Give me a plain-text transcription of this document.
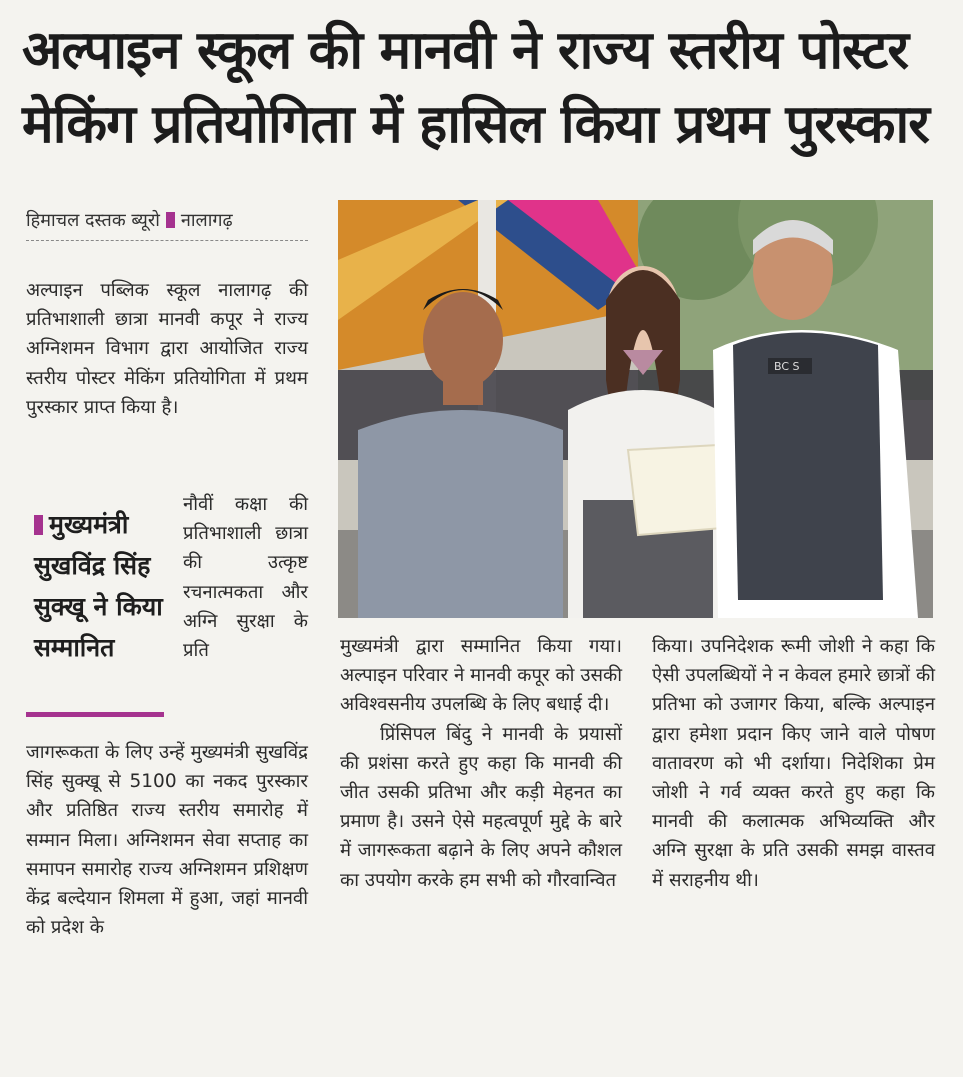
अल्पाइन स्कूल की मानवी ने राज्य स्तरीय पोस्टर
मेकिंग प्रतियोगिता में हासिल किया प्रथम पुरस्कार
हिमाचल दस्तक ब्यूरो नालागढ़

अल्पाइन पब्लिक स्कूल नालागढ़ की प्रतिभाशाली छात्रा मानवी कपूर ने राज्य अग्निशमन विभाग द्वारा आयोजित राज्य स्तरीय पोस्टर मेकिंग प्रतियोगिता में प्रथम पुरस्कार प्राप्त किया है।

मुख्यमंत्री सुखविंद्र सिंह सुक्खू ने किया सम्मानित

नौवीं कक्षा की प्रतिभाशाली छात्रा की उत्कृष्ट रचनात्मकता और अग्नि सुरक्षा के प्रति

जागरूकता के लिए उन्हें मुख्यमंत्री सुखविंद्र सिंह सुक्खू से 5100 का नकद पुरस्कार और प्रतिष्ठित राज्य स्तरीय समारोह में सम्मान मिला। अग्निशमन सेवा सप्ताह का समापन समारोह राज्य अग्निशमन प्रशिक्षण केंद्र बल्देयान शिमला में हुआ, जहां मानवी को प्रदेश के

BC S

मुख्यमंत्री द्वारा सम्मानित किया गया। अल्पाइन परिवार ने मानवी कपूर को उसकी अविश्वसनीय उपलब्धि के लिए बधाई दी।

प्रिंसिपल बिंदु ने मानवी के प्रयासों की प्रशंसा करते हुए कहा कि मानवी की जीत उसकी प्रतिभा और कड़ी मेहनत का प्रमाण है। उसने ऐसे महत्वपूर्ण मुद्दे के बारे में जागरूकता बढ़ाने के लिए अपने कौशल का उपयोग करके हम सभी को गौरवान्वित

किया। उपनिदेशक रूमी जोशी ने कहा कि ऐसी उपलब्धियों ने न केवल हमारे छात्रों की प्रतिभा को उजागर किया, बल्कि अल्पाइन द्वारा हमेशा प्रदान किए जाने वाले पोषण वातावरण को भी दर्शाया। निदेशिका प्रेम जोशी ने गर्व व्यक्त करते हुए कहा कि मानवी की कलात्मक अभिव्यक्ति और अग्नि सुरक्षा के प्रति उसकी समझ वास्तव में सराहनीय थी।
